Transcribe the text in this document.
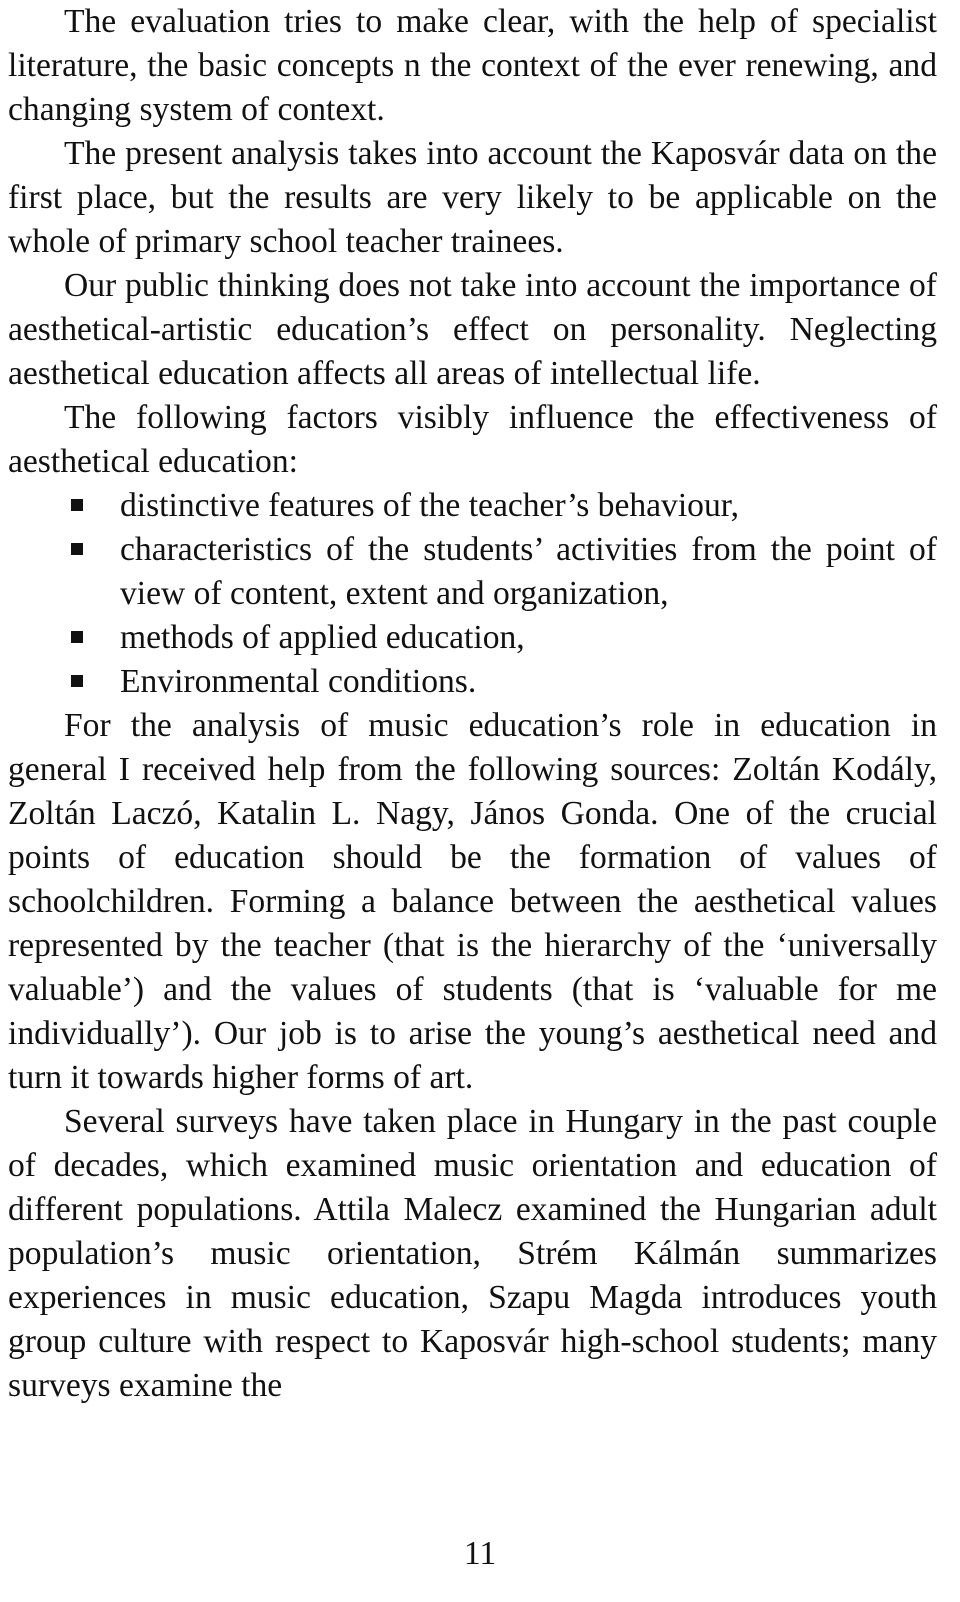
The evaluation tries to make clear, with the help of specialist literature, the basic concepts n the context of the ever renewing, and changing system of context.

The present analysis takes into account the Kaposvár data on the first place, but the results are very likely to be applicable on the whole of primary school teacher trainees.

Our public thinking does not take into account the importance of aesthetical-artistic education’s effect on personality. Neglecting aesthetical education affects all areas of intellectual life.

The following factors visibly influence the effectiveness of aesthetical education:

distinctive features of the teacher’s behaviour,
characteristics of the students’ activities from the point of view of content, extent and organization,
methods of applied education,
Environmental conditions.

For the analysis of music education’s role in education in general I received help from the following sources: Zoltán Kodály, Zoltán Laczó, Katalin L. Nagy, János Gonda. One of the crucial points of education should be the formation of values of schoolchildren. Forming a balance between the aesthetical values represented by the teacher (that is the hierarchy of the ‘universally valuable’) and the values of students (that is ‘valuable for me individually’). Our job is to arise the young’s aesthetical need and turn it towards higher forms of art.

Several surveys have taken place in Hungary in the past couple of decades, which examined music orientation and education of different populations. Attila Malecz examined the Hungarian adult population’s music orientation, Strém Kálmán summarizes experiences in music education, Szapu Magda introduces youth group culture with respect to Kaposvár high-school students; many surveys examine the

11
